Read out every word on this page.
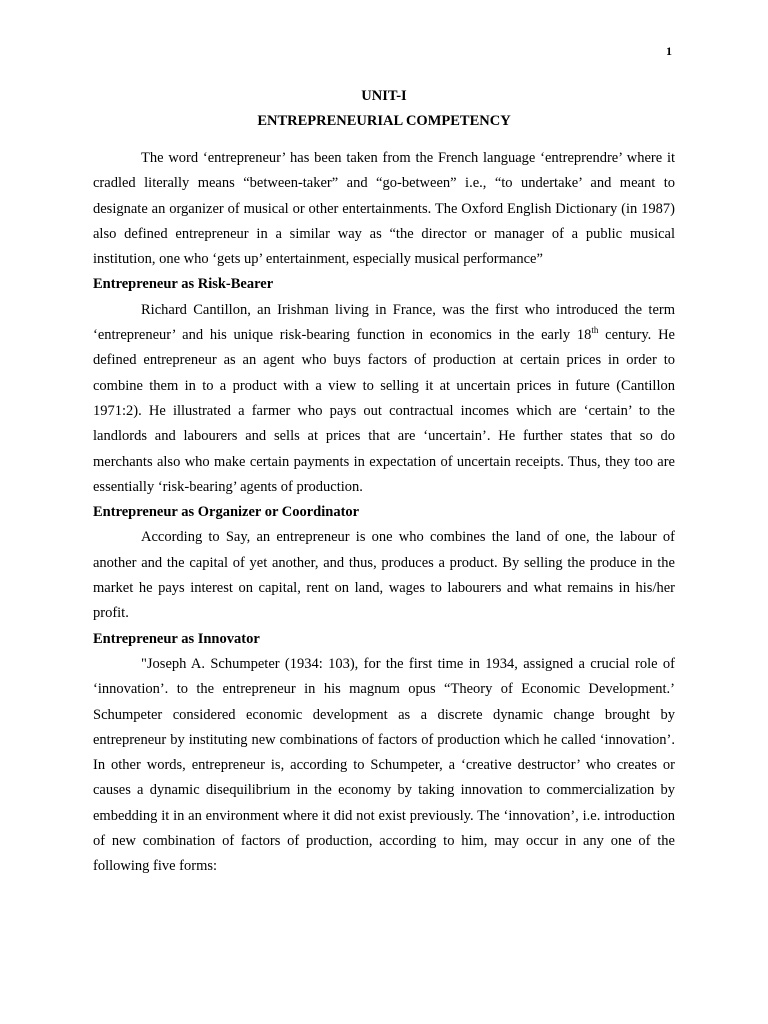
1
UNIT-I
ENTREPRENEURIAL COMPETENCY

The word ‘entrepreneur’ has been taken from the French language ‘entreprendre’ where it cradled literally means “between-taker” and “go-between” i.e., “to undertake’ and meant to designate an organizer of musical or other entertainments. The Oxford English Dictionary (in 1987) also defined entrepreneur in a similar way as “the director or manager of a public musical institution, one who ‘gets up’ entertainment, especially musical performance”

Entrepreneur as Risk-Bearer

Richard Cantillon, an Irishman living in France, was the first who introduced the term ‘entrepreneur’ and his unique risk-bearing function in economics in the early 18th century. He defined entrepreneur as an agent who buys factors of production at certain prices in order to combine them in to a product with a view to selling it at uncertain prices in future (Cantillon 1971:2). He illustrated a farmer who pays out contractual incomes which are ‘certain’ to the landlords and labourers and sells at prices that are ‘uncertain’. He further states that so do merchants also who make certain payments in expectation of uncertain receipts. Thus, they too are essentially ‘risk-bearing’ agents of production.

Entrepreneur as Organizer or Coordinator

According to Say, an entrepreneur is one who combines the land of one, the labour of another and the capital of yet another, and thus, produces a product. By selling the produce in the market he pays interest on capital, rent on land, wages to labourers and what remains in his/her profit.

Entrepreneur as Innovator

"Joseph A. Schumpeter (1934: 103), for the first time in 1934, assigned a crucial role of ‘innovation’. to the entrepreneur in his magnum opus “Theory of Economic Development.’ Schumpeter considered economic development as a discrete dynamic change brought by entrepreneur by instituting new combinations of factors of production which he called ‘innovation’. In other words, entrepreneur is, according to Schumpeter, a ‘creative destructor’ who creates or causes a dynamic disequilibrium in the economy by taking innovation to commercialization by embedding it in an environment where it did not exist previously. The ‘innovation’, i.e. introduction of new combination of factors of production, according to him, may occur in any one of the following five forms:
